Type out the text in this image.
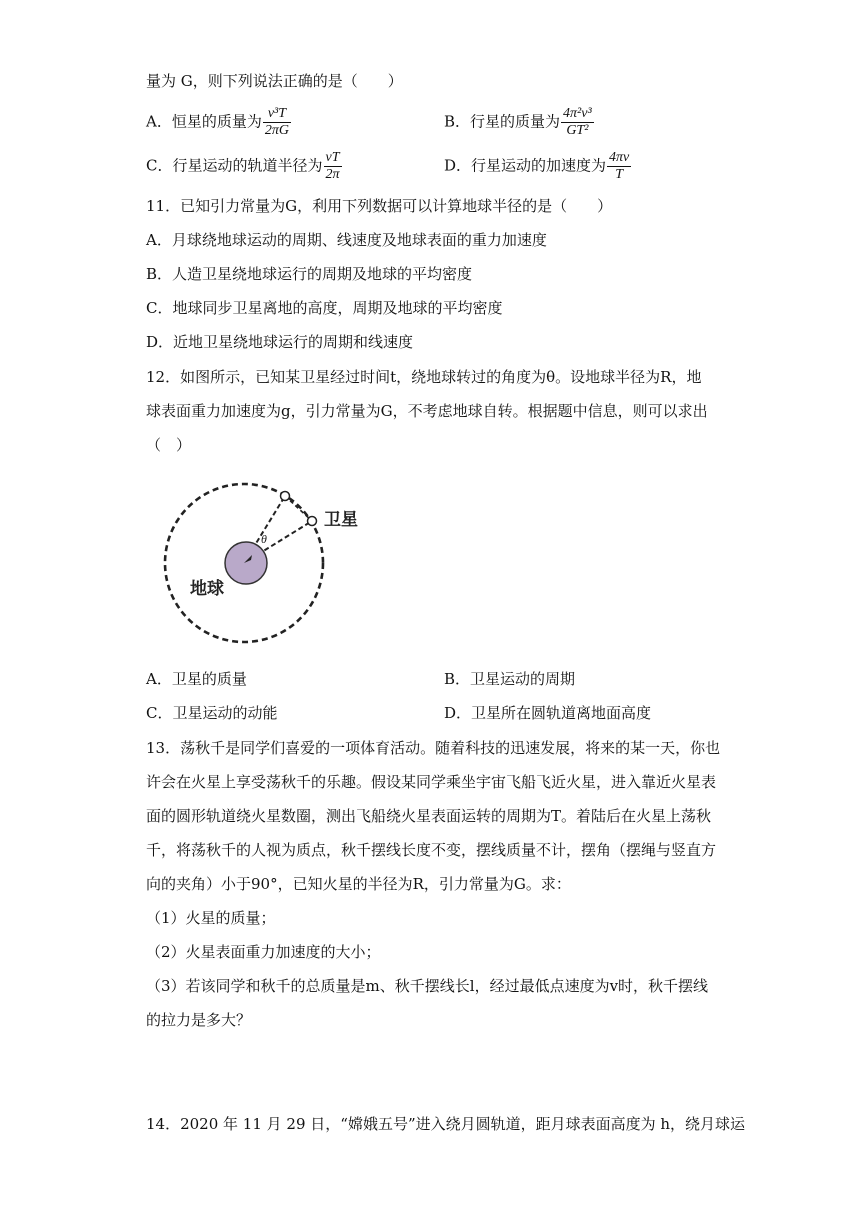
量为 G，则下列说法正确的是（　　）
A．恒星的质量为 $\frac{\text{v³T}}{2\pi G}$	B．行星的质量为 $\frac{\text{4π²v³}}{\text{GT²}}$
C．行星运动的轨道半径为 $\frac{vT}{2\pi}$	D．行星运动的加速度为 $\frac{4\pi v}{T}$
11．已知引力常量为G，利用下列数据可以计算地球半径的是（　　）
A．月球绕地球运动的周期、线速度及地球表面的重力加速度
B．人造卫星绕地球运行的周期及地球的平均密度
C．地球同步卫星离地的高度，周期及地球的平均密度
D．近地卫星绕地球运行的周期和线速度
12．如图所示，已知某卫星经过时间t，绕地球转过的角度为θ。设地球半径为R，地
球表面重力加速度为g，引力常量为G，不考虑地球自转。根据题中信息，则可以求出
（　）
θ
卫星
地球
A．卫星的质量	B．卫星运动的周期
C．卫星运动的动能	D．卫星所在圆轨道离地面高度
13．荡秋千是同学们喜爱的一项体育活动。随着科技的迅速发展，将来的某一天，你也
许会在火星上享受荡秋千的乐趣。假设某同学乘坐宇宙飞船飞近火星，进入靠近火星表
面的圆形轨道绕火星数圈，测出飞船绕火星表面运转的周期为T。着陆后在火星上荡秋
千，将荡秋千的人视为质点，秋千摆线长度不变，摆线质量不计，摆角（摆绳与竖直方
向的夹角）小于90°，已知火星的半径为R，引力常量为G。求：
（1）火星的质量；
（2）火星表面重力加速度的大小；
（3）若该同学和秋千的总质量是m、秋千摆线长l，经过最低点速度为v时，秋千摆线
的拉力是多大？
14．2020 年 11 月 29 日，“嫦娥五号”进入绕月圆轨道，距月球表面高度为 h，绕月球运
